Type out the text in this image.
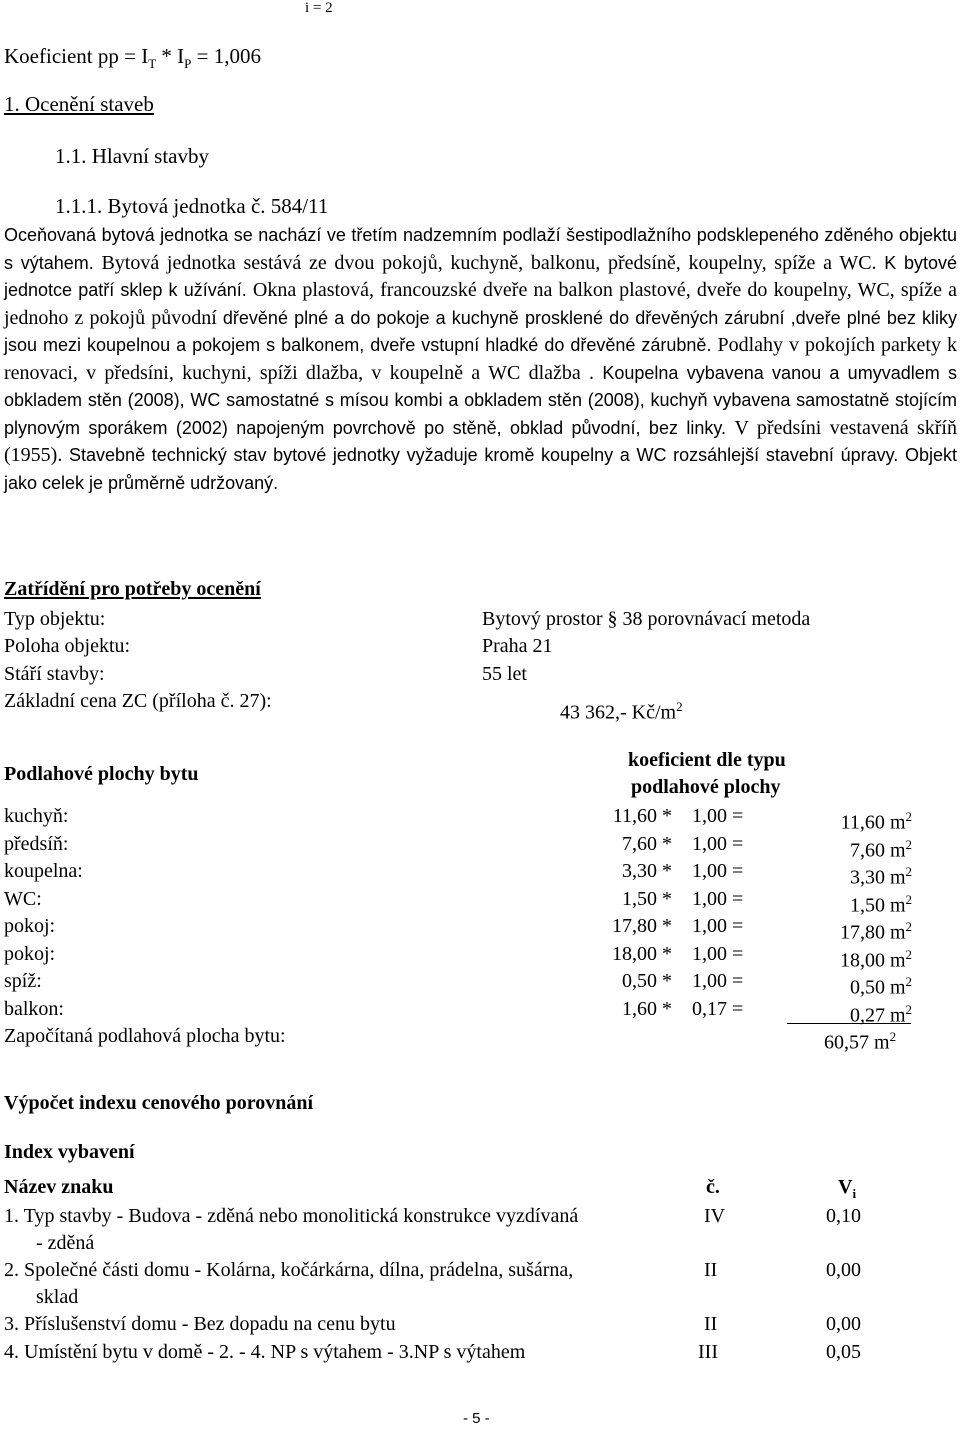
i = 2
Koeficient pp = $I_T * I_P = 1,006$
1. Ocenění staveb
1.1. Hlavní stavby
1.1.1. Bytová jednotka č. 584/11

Oceňovaná bytová jednotka se nachází ve třetím nadzemním podlaží šestipodlažního podsklepeného zděného objektu s výtahem. Bytová jednotka sestává ze dvou pokojů, kuchyně, balkonu, předsíně, koupelny, spíže a WC. K bytové jednotce patří sklep k užívání. Okna plastová, francouzské dveře na balkon plastové, dveře do koupelny, WC, spíže a jednoho z pokojů původní dřevěné plné a do pokoje a kuchyně prosklené do dřevěných zárubní ,dveře plné bez kliky jsou mezi koupelnou a pokojem s balkonem, dveře vstupní hladké do dřevěné zárubně. Podlahy v pokojích parkety k renovaci, v předsíni, kuchyni, spíži dlažba, v koupelně a WC dlažba . Koupelna vybavena vanou a umyvadlem s obkladem stěn (2008), WC samostatné s mísou kombi a obkladem stěn (2008), kuchyň vybavena samostatně stojícím plynovým sporákem (2002) napojeným povrchově po stěně, obklad původní, bez linky. V předsíni vestavená skříň (1955). Stavebně technický stav bytové jednotky vyžaduje kromě koupelny a WC rozsáhlejší stavební úpravy. Objekt jako celek je průměrně udržovaný.

Zatřídění pro potřeby ocenění
Typ objektu:	Bytový prostor § 38 porovnávací metoda
Poloha objektu:	Praha 21
Stáří stavby:	55 let
Základní cena ZC (příloha č. 27):
43 362,- $Kč/m^2$
Podlahové plochy bytu
koeficient dle typu
podlahové plochy
kuchyň:	11,60 * 1,00 =	11,60 $m^2$
předsíň:	7,60 * 1,00 =	7,60 $m^2$
koupelna:	3,30 * 1,00 =	3,30 $m^2$
WC:	1,50 * 1,00 =	1,50 $m^2$
pokoj:	17,80 * 1,00 =	17,80 $m^2$
pokoj:	18,00 * 1,00 =	18,00 $m^2$
spíž:	0,50 * 1,00 =	0,50 $m^2$
balkon:	1,60 * 0,17 =	0,27 $m^2$
Započítaná podlahová plocha bytu:	60,57 $m^2$
Výpočet indexu cenového porovnání
Index vybavení
Název znaku	č.	$V_i$
1. Typ stavby - Budova - zděná nebo monolitická konstrukce vyzdívaná
- zděná
IV	0,10
2. Společné části domu - Kolárna, kočárkárna, dílna, prádelna, sušárna,
sklad
II	0,00
3. Příslušenství domu - Bez dopadu na cenu bytu	II	0,00
4. Umístění bytu v domě - 2. - 4. NP s výtahem - 3.NP s výtahem	III	0,05
- 5 -
